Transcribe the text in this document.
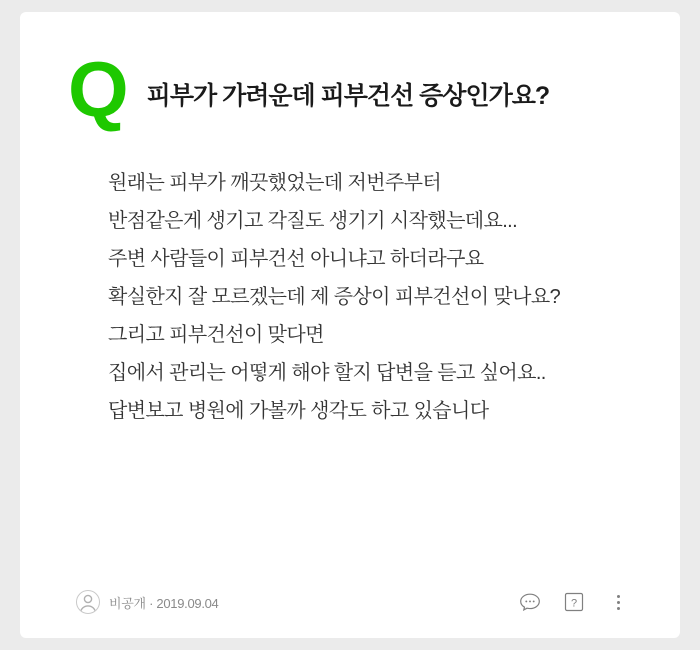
Q 피부가 가려운데 피부건선 증상인가요?

원래는 피부가 깨끗했었는데 저번주부터

반점같은게 생기고 각질도 생기기 시작했는데요...

주변 사람들이 피부건선 아니냐고 하더라구요

확실한지 잘 모르겠는데 제 증상이 피부건선이 맞나요?

그리고 피부건선이 맞다면

집에서 관리는 어떻게 해야 할지 답변을 듣고 싶어요..

답변보고 병원에 가볼까 생각도 하고 있습니다

비공개 · 2019.09.04	?
